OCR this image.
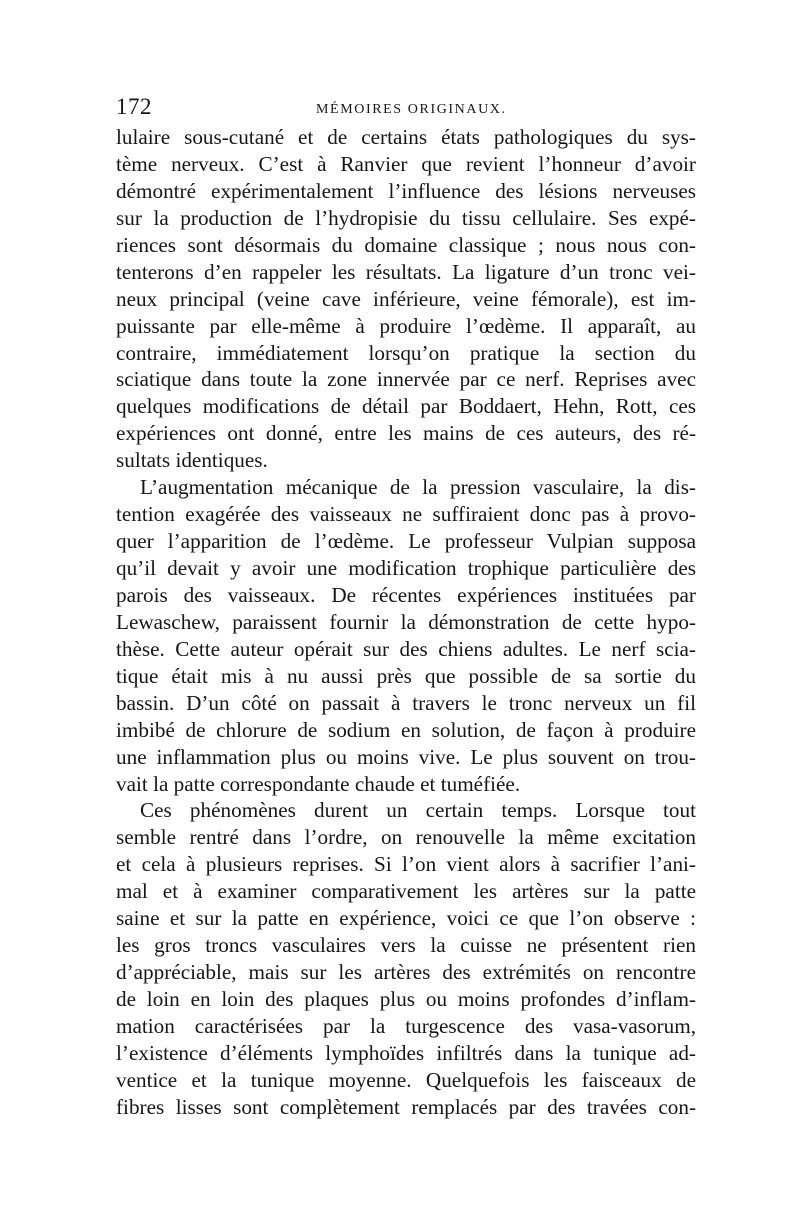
172	MÉMOIRES ORIGINAUX.
lulaire sous-cutané et de certains états pathologiques du sys-
tème nerveux. C’est à Ranvier que revient l’honneur d’avoir
démontré expérimentalement l’influence des lésions nerveuses
sur la production de l’hydropisie du tissu cellulaire. Ses expé-
riences sont désormais du domaine classique ; nous nous con-
tenterons d’en rappeler les résultats. La ligature d’un tronc vei-
neux principal (veine cave inférieure, veine fémorale), est im-
puissante par elle-même à produire l’œdème. Il apparaît, au
contraire, immédiatement lorsqu’on pratique la section du
sciatique dans toute la zone innervée par ce nerf. Reprises avec
quelques modifications de détail par Boddaert, Hehn, Rott, ces
expériences ont donné, entre les mains de ces auteurs, des ré-
sultats identiques.
L’augmentation mécanique de la pression vasculaire, la dis-
tention exagérée des vaisseaux ne suffiraient donc pas à provo-
quer l’apparition de l’œdème. Le professeur Vulpian supposa
qu’il devait y avoir une modification trophique particulière des
parois des vaisseaux. De récentes expériences instituées par
Lewaschew, paraissent fournir la démonstration de cette hypo-
thèse. Cette auteur opérait sur des chiens adultes. Le nerf scia-
tique était mis à nu aussi près que possible de sa sortie du
bassin. D’un côté on passait à travers le tronc nerveux un fil
imbibé de chlorure de sodium en solution, de façon à produire
une inflammation plus ou moins vive. Le plus souvent on trou-
vait la patte correspondante chaude et tuméfiée.
Ces phénomènes durent un certain temps. Lorsque tout
semble rentré dans l’ordre, on renouvelle la même excitation
et cela à plusieurs reprises. Si l’on vient alors à sacrifier l’ani-
mal et à examiner comparativement les artères sur la patte
saine et sur la patte en expérience, voici ce que l’on observe :
les gros troncs vasculaires vers la cuisse ne présentent rien
d’appréciable, mais sur les artères des extrémités on rencontre
de loin en loin des plaques plus ou moins profondes d’inflam-
mation caractérisées par la turgescence des vasa-vasorum,
l’existence d’éléments lymphoïdes infiltrés dans la tunique ad-
ventice et la tunique moyenne. Quelquefois les faisceaux de
fibres lisses sont complètement remplacés par des travées con-
